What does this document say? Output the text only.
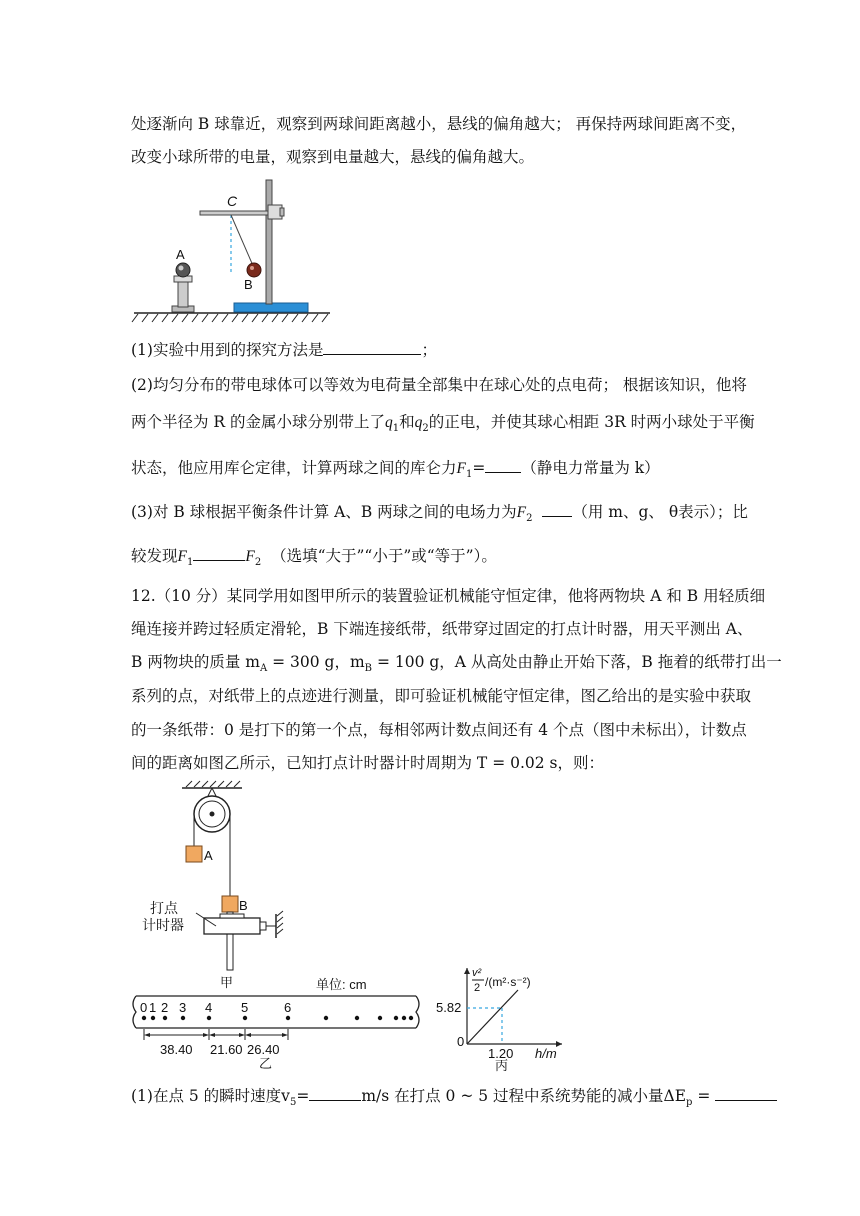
处逐渐向 B 球靠近，观察到两球间距离越小，悬线的偏角越大； 再保持两球间距离不变，
改变小球所带的电量，观察到电量越大，悬线的偏角越大。
A
C
B
(1)实验中用到的探究方法是	；
(2)均匀分布的带电球体可以等效为电荷量全部集中在球心处的点电荷； 根据该知识，他将
两个半径为 R 的金属小球分别带上了$q_1$和$q_2$的正电，并使其球心相距 3R 时两小球处于平衡
状态，他应用库仑定律，计算两球之间的库仑力$F_1=$ （静电力常量为 k）
(3)对 B 球根据平衡条件计算 A、B 两球之间的电场力为$F_2$	（用 m、g、 θ表示）；比
较发现$F_1$	$F_2$ （选填“大于”“小于”或“等于”）。
12.（10 分）某同学用如图甲所示的装置验证机械能守恒定律，他将两物块 A 和 B 用轻质细
绳连接并跨过轻质定滑轮，B 下端连接纸带，纸带穿过固定的打点计时器，用天平测出 A、
B 两物块的质量 $m_A = 300$ g，$m_B = 100$ g，A 从高处由静止开始下落，B 拖着的纸带打出一
系列的点，对纸带上的点迹进行测量，即可验证机械能守恒定律，图乙给出的是实验中获取
的一条纸带：0 是打下的第一个点，每相邻两计数点间还有 4 个点（图中未标出），计数点
间的距离如图乙所示，已知打点计时器计时周期为 T = 0.02 s，则：
A
B
打点
计时器
甲	单位: cm
0 1 2 3 4 5	6
38.40 21.60 26.40
乙
v²
2 /(m²·s⁻²)
5.82
0
1.20 h/m
丙
(1)在点 5 的瞬时速度$v_5=$	m/s 在打点 0 ~ 5 过程中系统势能的减小量$\Delta E_p$ =
